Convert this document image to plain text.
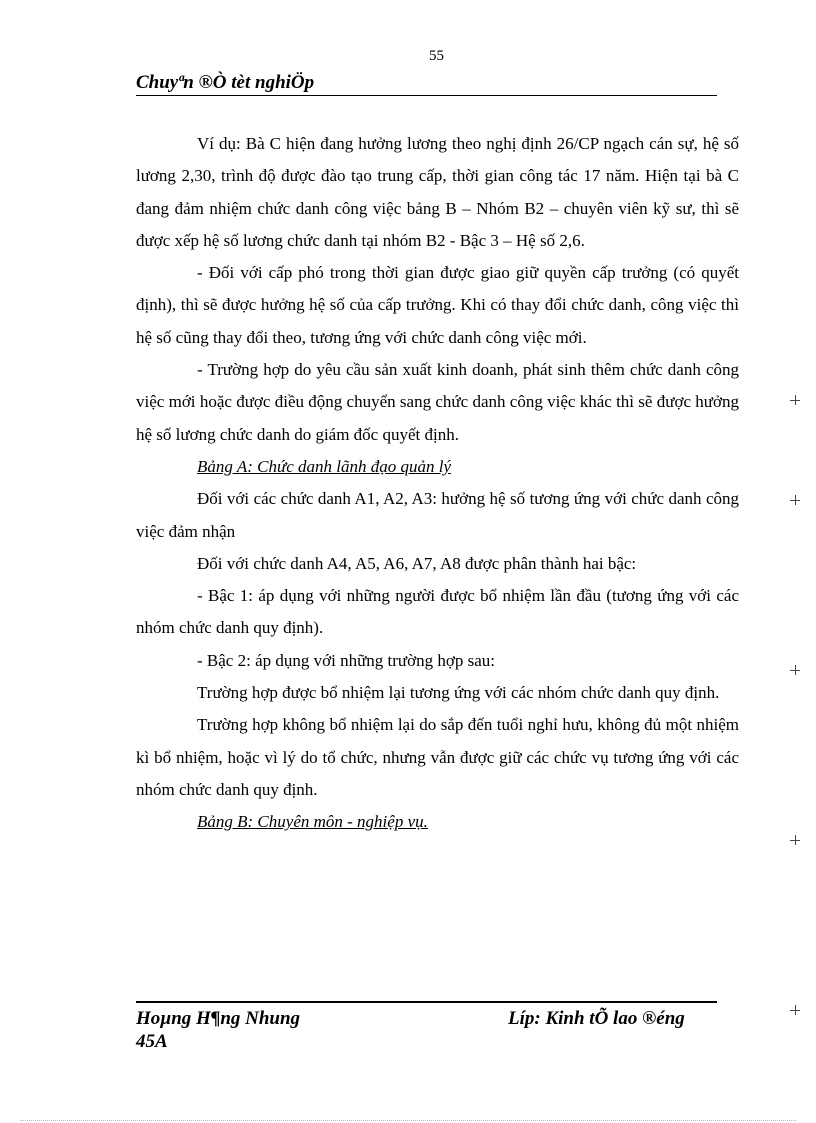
55
Chuyªn ®Ò tèt nghiÖp

Ví dụ: Bà C hiện đang hưởng lương theo nghị định 26/CP ngạch cán sự, hệ số lương 2,30, trình độ được đào tạo trung cấp, thời gian công tác 17 năm. Hiện tại bà C đang đảm nhiệm chức danh công việc bảng B – Nhóm B2 – chuyên viên kỹ sư, thì sẽ được xếp hệ số lương chức danh tại nhóm B2 - Bậc 3 – Hệ số 2,6.

- Đối với cấp phó trong thời gian được giao giữ quyền cấp trưởng (có quyết định), thì sẽ được hưởng hệ số của cấp trưởng. Khi có thay đổi chức danh, công việc thì hệ số cũng thay đổi theo, tương ứng với chức danh công việc mới.

- Trường hợp do yêu cầu sản xuất kinh doanh, phát sinh thêm chức danh công việc mới hoặc được điều động chuyển sang chức danh công việc khác thì sẽ được hưởng hệ số lương chức danh do giám đốc quyết định.

Bảng A: Chức danh lãnh đạo quản lý

Đối với các chức danh A1, A2, A3: hưởng hệ số tương ứng với chức danh công việc đảm nhận

Đối với chức danh A4, A5, A6, A7, A8 được phân thành hai bậc:

- Bậc 1: áp dụng với những người được bổ nhiệm lần đầu (tương ứng với các nhóm chức danh quy định).

- Bậc 2: áp dụng với những trường hợp sau:

Trường hợp được bổ nhiệm lại tương ứng với các nhóm chức danh quy định.

Trường hợp không bổ nhiệm lại do sắp đến tuổi nghỉ hưu, không đủ một nhiệm kì bổ nhiệm, hoặc vì lý do tổ chức, nhưng vẫn được giữ các chức vụ tương ứng với các nhóm chức danh quy định.

Bảng B: Chuyên môn - nghiệp vụ.

Hoµng H¶ng Nhung	Líp: Kinh tÕ lao ®éng
45A
